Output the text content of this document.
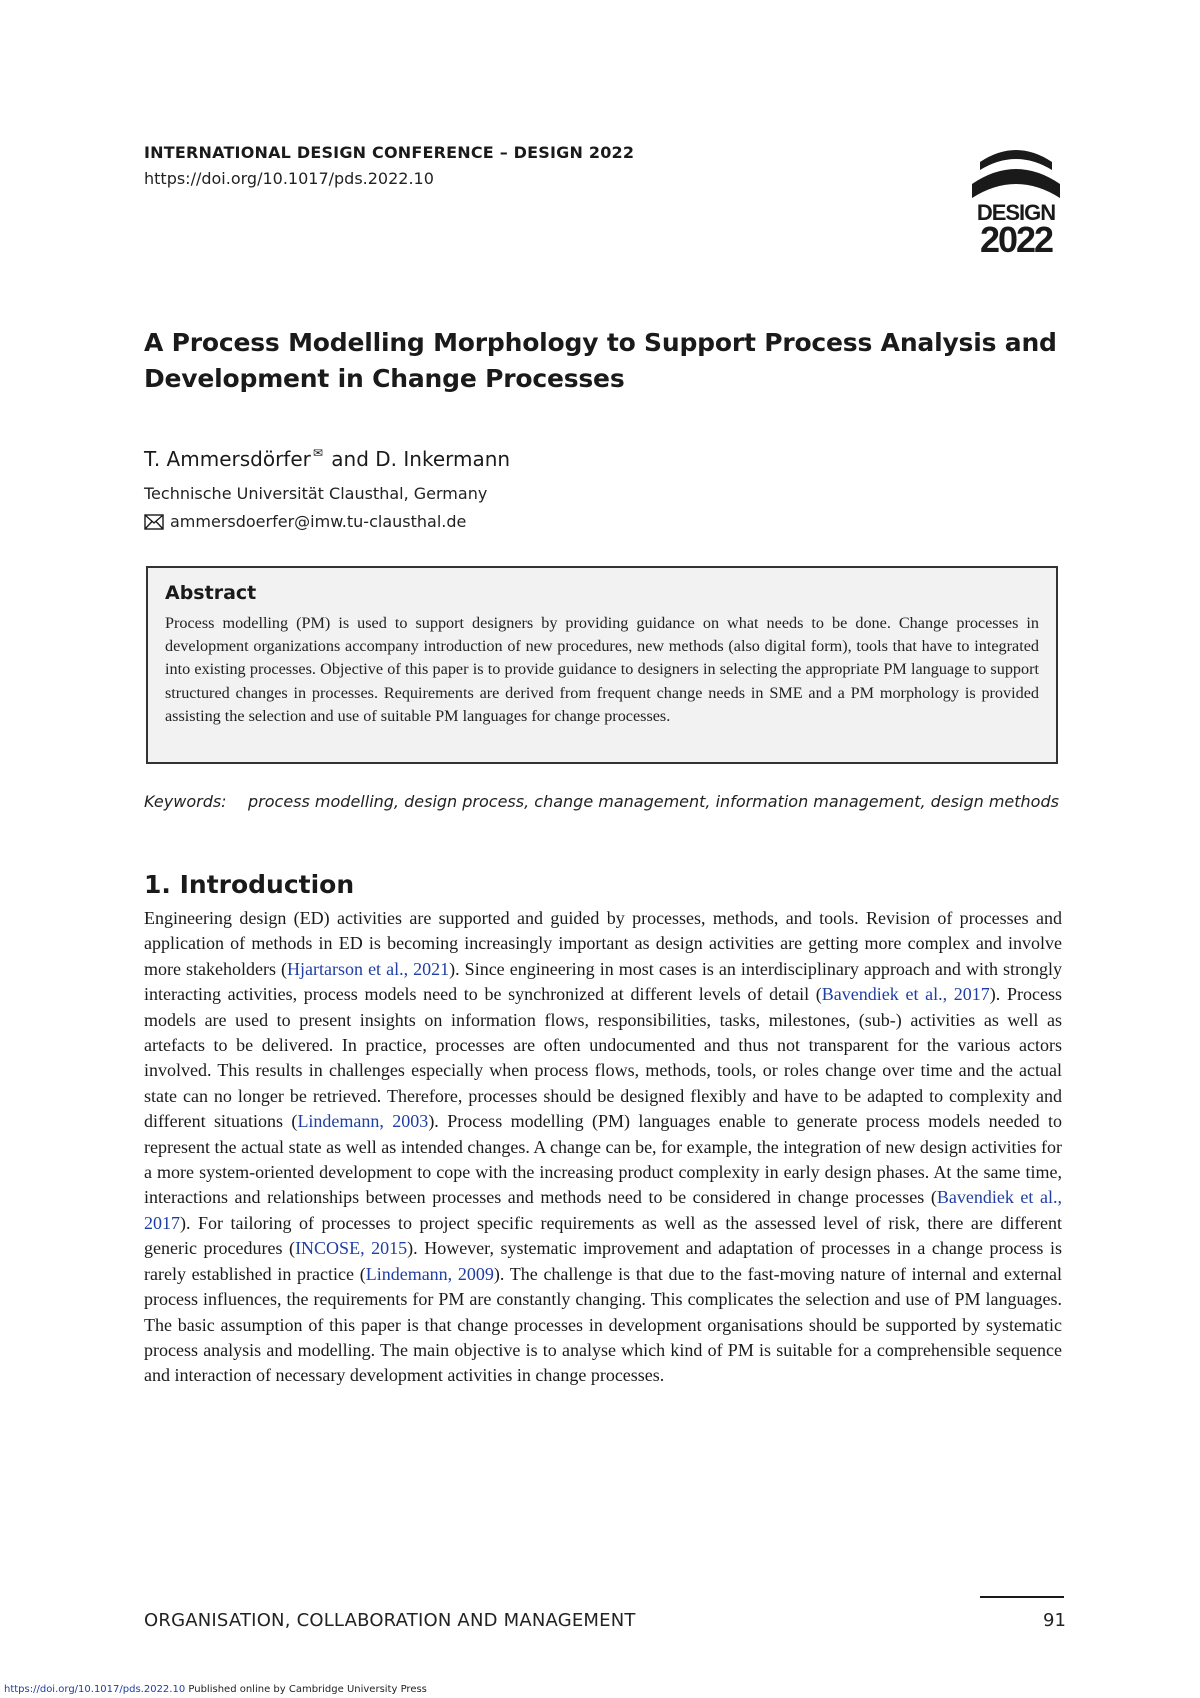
INTERNATIONAL DESIGN CONFERENCE – DESIGN 2022
https://doi.org/10.1017/pds.2022.10
DESIGN
2022
A Process Modelling Morphology to Support Process Analysis and Development in Change Processes
T. Ammersdörfer ✉ and D. Inkermann
Technische Universität Clausthal, Germany
ammersdoerfer@imw.tu-clausthal.de
Abstract

Process modelling (PM) is used to support designers by providing guidance on what needs to be done. Change processes in development organizations accompany introduction of new procedures, new methods (also digital form), tools that have to integrated into existing processes. Objective of this paper is to provide guidance to designers in selecting the appropriate PM language to support structured changes in processes. Requirements are derived from frequent change needs in SME and a PM morphology is provided assisting the selection and use of suitable PM languages for change processes.

Keywords:	process modelling, design process, change management, information management, design methods
1. Introduction

Engineering design (ED) activities are supported and guided by processes, methods, and tools. Revision of processes and application of methods in ED is becoming increasingly important as design activities are getting more complex and involve more stakeholders (Hjartarson et al., 2021). Since engineering in most cases is an interdisciplinary approach and with strongly interacting activities, process models need to be synchronized at different levels of detail (Bavendiek et al., 2017). Process models are used to present insights on information flows, responsibilities, tasks, milestones, (sub-) activities as well as artefacts to be delivered. In practice, processes are often undocumented and thus not transparent for the various actors involved. This results in challenges especially when process flows, methods, tools, or roles change over time and the actual state can no longer be retrieved. Therefore, processes should be designed flexibly and have to be adapted to complexity and different situations (Lindemann, 2003). Process modelling (PM) languages enable to generate process models needed to represent the actual state as well as intended changes. A change can be, for example, the integration of new design activities for a more system-oriented development to cope with the increasing product complexity in early design phases. At the same time, interactions and relationships between processes and methods need to be considered in change processes (Bavendiek et al., 2017). For tailoring of processes to project specific requirements as well as the assessed level of risk, there are different generic procedures (INCOSE, 2015). However, systematic improvement and adaptation of processes in a change process is rarely established in practice (Lindemann, 2009). The challenge is that due to the fast-moving nature of internal and external process influences, the requirements for PM are constantly changing. This complicates the selection and use of PM languages. The basic assumption of this paper is that change processes in development organisations should be supported by systematic process analysis and modelling. The main objective is to analyse which kind of PM is suitable for a comprehensible sequence and interaction of necessary development activities in change processes.

ORGANISATION, COLLABORATION AND MANAGEMENT	91
https://doi.org/10.1017/pds.2022.10 Published online by Cambridge University Press
